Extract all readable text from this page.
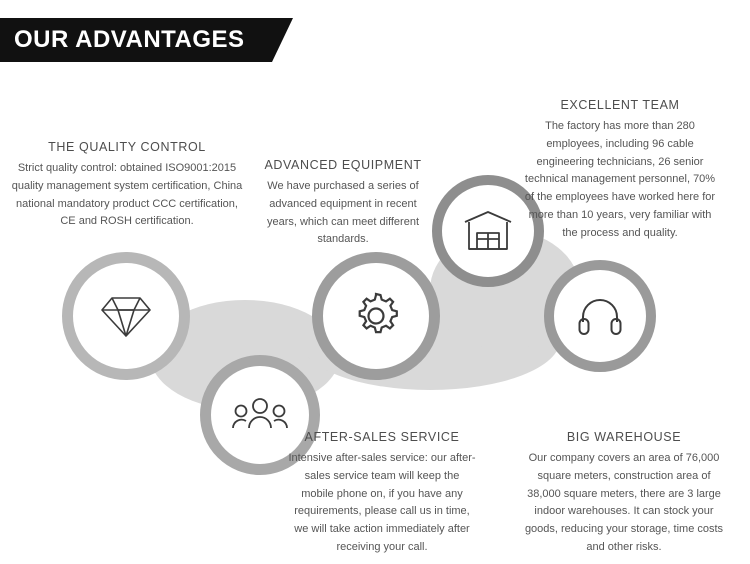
OUR ADVANTAGES
THE QUALITY CONTROL
Strict quality control: obtained ISO9001:2015 quality management system certification, China national mandatory product CCC certification, CE and ROSH certification.
ADVANCED EQUIPMENT
We have purchased a series of advanced equipment in recent years, which can meet different standards.
EXCELLENT TEAM
The factory has more than 280 employees, including 96 cable engineering technicians, 26 senior technical management personnel, 70% of the employees have worked here for more than 10 years, very familiar with the process and quality.
AFTER-SALES SERVICE
Intensive after-sales service: our after-sales service team will keep the mobile phone on, if you have any requirements, please call us in time, we will take action immediately after receiving your call.
BIG WAREHOUSE
Our company covers an area of 76,000 square meters, construction area of 38,000 square meters, there are 3 large indoor warehouses. It can stock your goods, reducing your storage, time costs and other risks.
